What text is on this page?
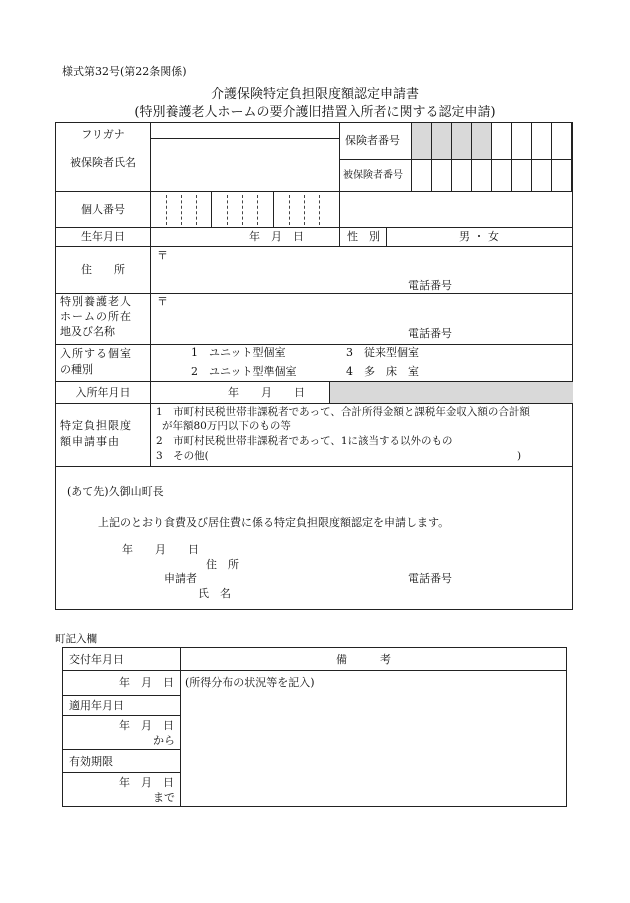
様式第32号(第22条関係)
介護保険特定負担限度額認定申請書
(特別養護老人ホームの要介護旧措置入所者に関する認定申請)
フリガナ
被保険者氏名
保険者番号
被保険者番号
個人番号
生年月日	年　月　日	性　別	男 ・ 女
住　　所
〒
電話番号
特別養護老人
ホームの所在
地及び名称
〒
電話番号
入所する個室
の種別
1　ユニット型個室	3　従来型個室
2　ユニット型準個室	4　多　床　室
入所年月日	年　　月　　日
特定負担限度
額申請事由
1　市町村民税世帯非課税者であって、合計所得金額と課税年金収入額の合計額
が年額80万円以下のもの等
2　市町村民税世帯非課税者であって、1に該当する以外のもの
3　その他(	)
(あて先)久御山町長
上記のとおり食費及び居住費に係る特定負担限度額認定を申請します。
年　　月　　日
住　所
申請者	電話番号
氏　名
町記入欄
交付年月日	備　　　考
年　月　日 (所得分布の状況等を記入)
適用年月日
年　月　日
から
有効期限
年　月　日
まで
